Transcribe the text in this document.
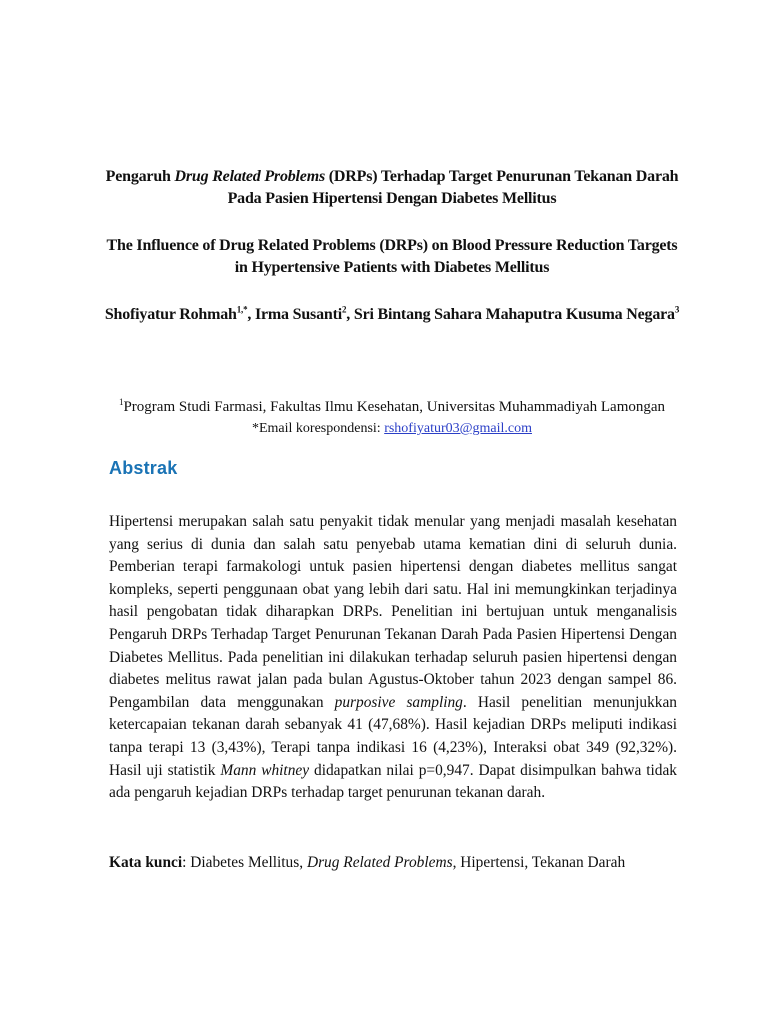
Pengaruh Drug Related Problems (DRPs) Terhadap Target Penurunan Tekanan Darah Pada Pasien Hipertensi Dengan Diabetes Mellitus
The Influence of Drug Related Problems (DRPs) on Blood Pressure Reduction Targets in Hypertensive Patients with Diabetes Mellitus
Shofiyatur Rohmah$^{1,*}$, Irma Susanti$^2$, Sri Bintang Sahara Mahaputra Kusuma Negara$^3$
$^1$Program Studi Farmasi, Fakultas Ilmu Kesehatan, Universitas Muhammadiyah Lamongan
*Email korespondensi: rshofiyatur03@gmail.com
Abstrak
Hipertensi merupakan salah satu penyakit tidak menular yang menjadi masalah kesehatan yang serius di dunia dan salah satu penyebab utama kematian dini di seluruh dunia. Pemberian terapi farmakologi untuk pasien hipertensi dengan diabetes mellitus sangat kompleks, seperti penggunaan obat yang lebih dari satu. Hal ini memungkinkan terjadinya hasil pengobatan tidak diharapkan DRPs. Penelitian ini bertujuan untuk menganalisis Pengaruh DRPs Terhadap Target Penurunan Tekanan Darah Pada Pasien Hipertensi Dengan Diabetes Mellitus. Pada penelitian ini dilakukan terhadap seluruh pasien hipertensi dengan diabetes melitus rawat jalan pada bulan Agustus-Oktober tahun 2023 dengan sampel 86. Pengambilan data menggunakan purposive sampling. Hasil penelitian menunjukkan ketercapaian tekanan darah sebanyak 41 (47,68%). Hasil kejadian DRPs meliputi indikasi tanpa terapi 13 (3,43%), Terapi tanpa indikasi 16 (4,23%), Interaksi obat 349 (92,32%). Hasil uji statistik Mann whitney didapatkan nilai p=0,947. Dapat disimpulkan bahwa tidak ada pengaruh kejadian DRPs terhadap target penurunan tekanan darah.
Kata kunci: Diabetes Mellitus, Drug Related Problems, Hipertensi, Tekanan Darah
